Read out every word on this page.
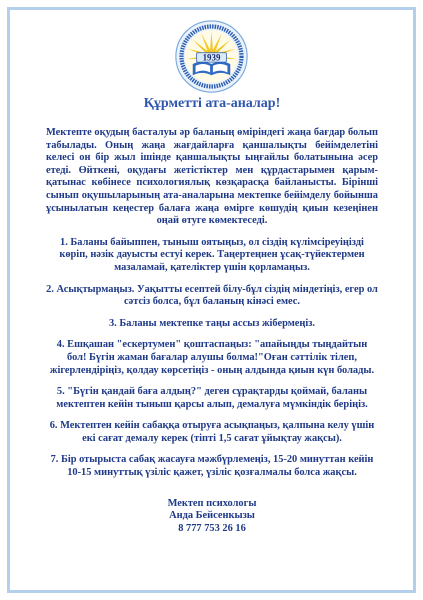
1939
Құрметті ата-аналар!

Мектепте оқудың басталуы әр баланың өміріндегі жаңа бағдар болып табылады. Оның жаңа жағдайларға қаншалықты бейімделетіні келесі он бір жыл ішінде қаншалықты ыңғайлы болатынына әсер етеді. Өйткені, оқудағы жетістіктер мен құрдастарымен қарым-қатынас көбінесе психологиялық көзқарасқа байланысты. Бірінші сынып оқушыларының ата-аналарына мектепке бейімделу бойынша ұсынылатын кеңестер балаға жаңа өмірге көшудің қиын кезеңінен оңай өтуге көмектеседі.

1. Баланы байыппен, тыныш оятыңыз, ол сіздің күлімсіреуіңізді көріп, нәзік дауысты естуі керек. Таңертеңнен ұсақ-түйектермен мазаламай, қателіктер үшін қорламаңыз.

2. Асықтырмаңыз. Уақытты есептей білу-бұл сіздің міндетіңіз, егер ол сәтсіз болса, бұл баланың кінәсі емес.

3. Баланы мектепке таңы ассыз жібермеңіз.

4. Ешқашан "ескертумен" қоштаспаңыз: "апайыңды тыңдайтын бол! Бүгін жаман бағалар алушы болма!"Оған сәттілік тілеп, жігерлендіріңіз, қолдау көрсетіңіз - оның алдында қиын күн болады.

5. "Бүгін қандай баға алдың?" деген сұрақтарды қоймай, баланы мектептен кейін тыныш қарсы алып, демалуға мүмкіндік беріңіз.

6. Мектептен кейін сабаққа отыруға асықпаңыз, қалпына келу үшін екі сағат демалу керек (тіпті 1,5 сағат ұйықтау жақсы).

7. Бір отырыста сабақ жасауға мәжбүрлемеңіз, 15-20 минуттан кейін 10-15 минуттық үзіліс қажет, үзіліс қозғалмалы болса жақсы.

Мектеп психологы
Анда Бейсенкызы
8 777 753 26 16
